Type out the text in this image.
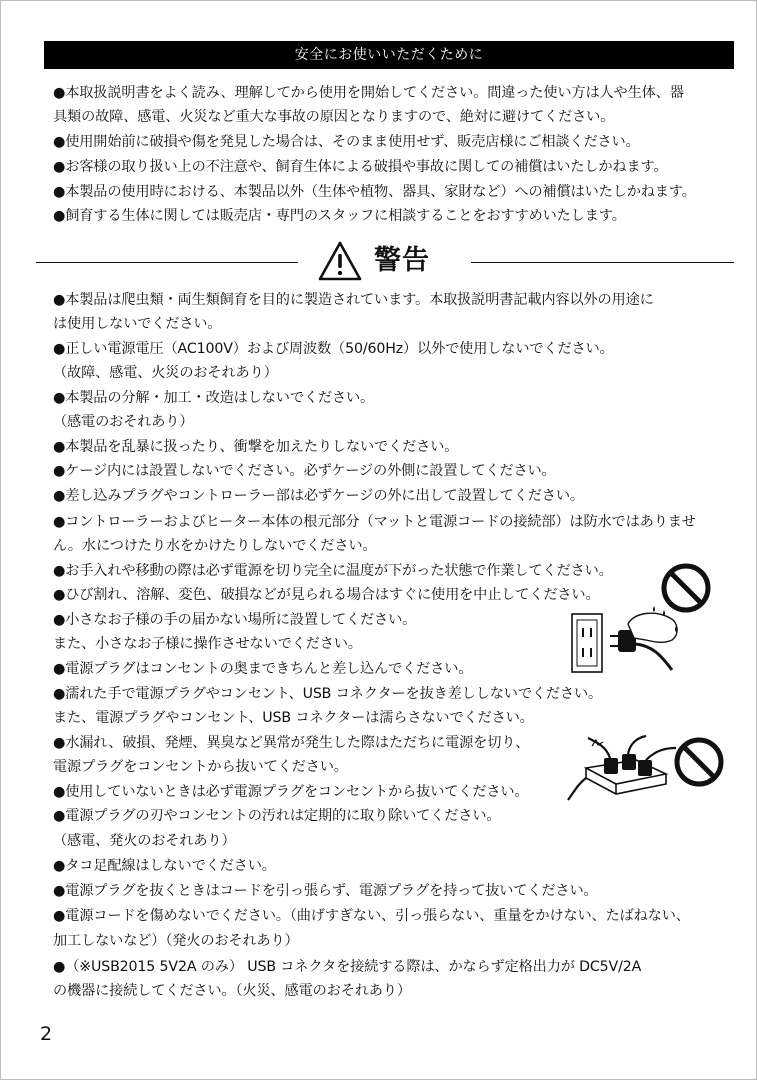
安全にお使いいただくために
●本取扱説明書をよく読み、理解してから使用を開始してください。間違った使い方は人や生体、器
具類の故障、感電、火災など重大な事故の原因となりますので、絶対に避けてください。
●使用開始前に破損や傷を発見した場合は、そのまま使用せず、販売店様にご相談ください。
●お客様の取り扱い上の不注意や、飼育生体による破損や事故に関しての補償はいたしかねます。
●本製品の使用時における、本製品以外（生体や植物、器具、家財など）への補償はいたしかねます。
●飼育する生体に関しては販売店・専門のスタッフに相談することをおすすめいたします。
警告
●本製品は爬虫類・両生類飼育を目的に製造されています。本取扱説明書記載内容以外の用途に
は使用しないでください。
●正しい電源電圧（AC100V）および周波数（50/60Hz）以外で使用しないでください。
（故障、感電、火災のおそれあり）
●本製品の分解・加工・改造はしないでください。
（感電のおそれあり）
●本製品を乱暴に扱ったり、衝撃を加えたりしないでください。
●ケージ内には設置しないでください。必ずケージの外側に設置してください。
●差し込みプラグやコントローラー部は必ずケージの外に出して設置してください。
●コントローラーおよびヒーター本体の根元部分（マットと電源コードの接続部）は防水ではありませ
ん。水につけたり水をかけたりしないでください。
●お手入れや移動の際は必ず電源を切り完全に温度が下がった状態で作業してください。
●ひび割れ、溶解、変色、破損などが見られる場合はすぐに使用を中止してください。
●小さなお子様の手の届かない場所に設置してください。
また、小さなお子様に操作させないでください。
●電源プラグはコンセントの奥まできちんと差し込んでください。
●濡れた手で電源プラグやコンセント、USB コネクターを抜き差ししないでください。
また、電源プラグやコンセント、USB コネクターは濡らさないでください。
●水漏れ、破損、発煙、異臭など異常が発生した際はただちに電源を切り、
電源プラグをコンセントから抜いてください。
●使用していないときは必ず電源プラグをコンセントから抜いてください。
●電源プラグの刃やコンセントの汚れは定期的に取り除いてください。
（感電、発火のおそれあり）
●タコ足配線はしないでください。
●電源プラグを抜くときはコードを引っ張らず、電源プラグを持って抜いてください。
●電源コードを傷めないでください。（曲げすぎない、引っ張らない、重量をかけない、たばねない、
加工しないなど）（発火のおそれあり）
●（※USB2015 5V2A のみ） USB コネクタを接続する際は、かならず定格出力が DC5V/2A
の機器に接続してください。（火災、感電のおそれあり）
2
